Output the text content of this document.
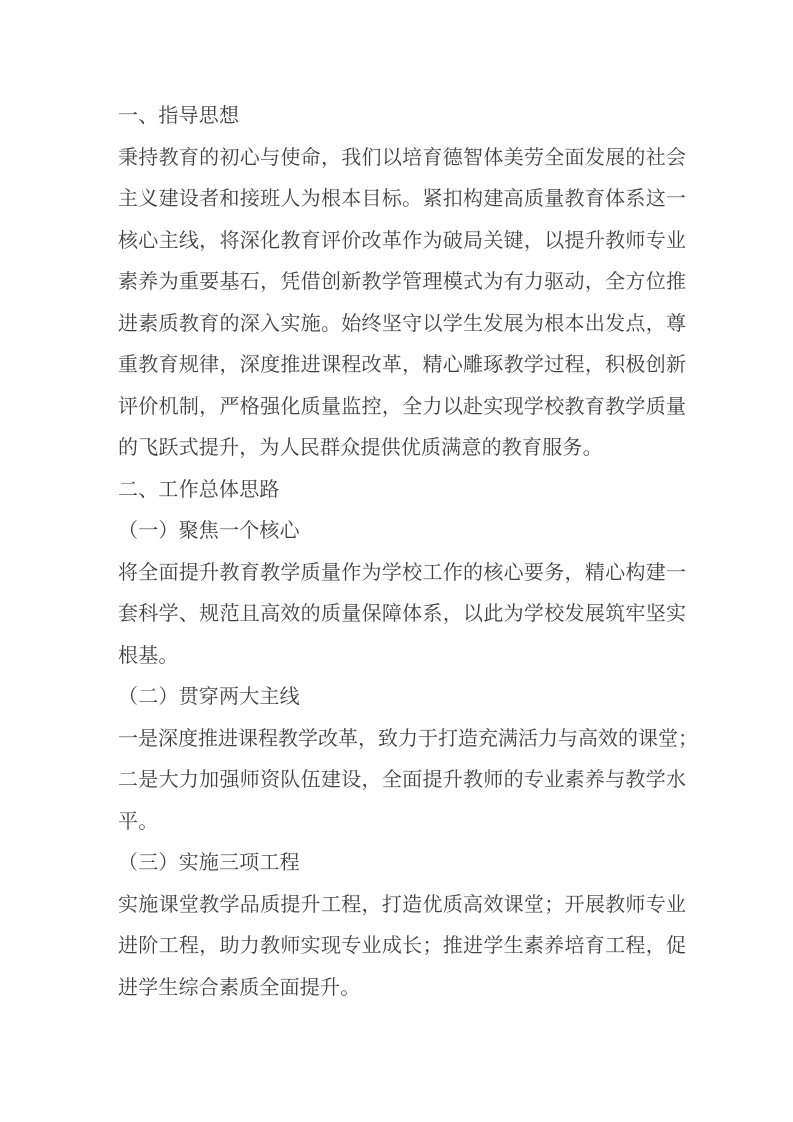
一、指导思想
秉持教育的初心与使命，我们以培育德智体美劳全面发展的社会
主义建设者和接班人为根本目标。紧扣构建高质量教育体系这一
核心主线，将深化教育评价改革作为破局关键，以提升教师专业
素养为重要基石，凭借创新教学管理模式为有力驱动，全方位推
进素质教育的深入实施。始终坚守以学生发展为根本出发点，尊
重教育规律，深度推进课程改革，精心雕琢教学过程，积极创新
评价机制，严格强化质量监控，全力以赴实现学校教育教学质量
的飞跃式提升，为人民群众提供优质满意的教育服务。
二、工作总体思路
（一）聚焦一个核心
将全面提升教育教学质量作为学校工作的核心要务，精心构建一
套科学、规范且高效的质量保障体系，以此为学校发展筑牢坚实
根基。
（二）贯穿两大主线
一是深度推进课程教学改革，致力于打造充满活力与高效的课堂；
二是大力加强师资队伍建设，全面提升教师的专业素养与教学水
平。
（三）实施三项工程
实施课堂教学品质提升工程，打造优质高效课堂；开展教师专业
进阶工程，助力教师实现专业成长；推进学生素养培育工程，促
进学生综合素质全面提升。
